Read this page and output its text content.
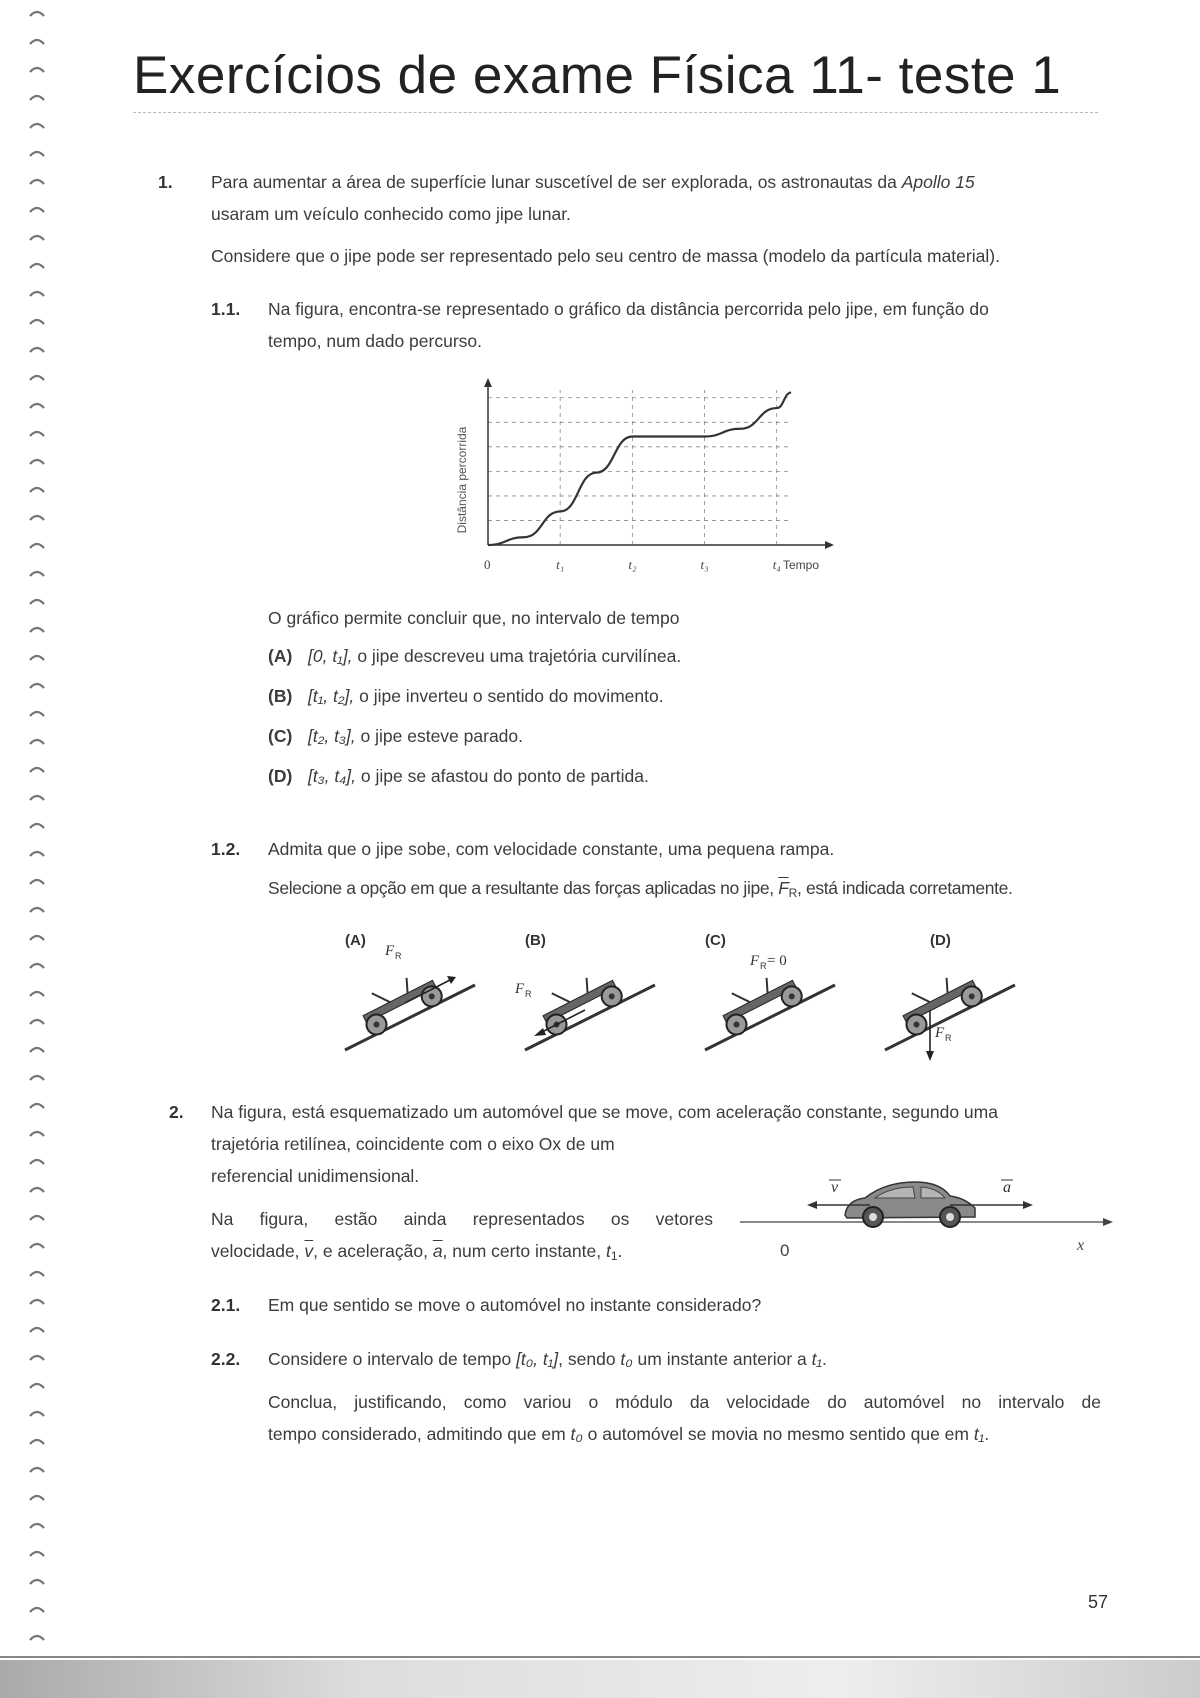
Exercícios de exame Física 11- teste 1
1. Para aumentar a área de superfície lunar suscetível de ser explorada, os astronautas da Apollo 15
usaram um veículo conhecido como jipe lunar.
Considere que o jipe pode ser representado pelo seu centro de massa (modelo da partícula material).
1.1. Na figura, encontra-se representado o gráfico da distância percorrida pelo jipe, em função do
tempo, num dado percurso.
Distância percorrida
0	t₁	t₂	t₃	t₄ Tempo
O gráfico permite concluir que, no intervalo de tempo
(A) [0, t₁], o jipe descreveu uma trajetória curvilínea.
(B) [t₁, t₂], o jipe inverteu o sentido do movimento.
(C) [t₂, t₃], o jipe esteve parado.
(D) [t₃, t₄], o jipe se afastou do ponto de partida.
1.2. Admita que o jipe sobe, com velocidade constante, uma pequena rampa.
Selecione a opção em que a resultante das forças aplicadas no jipe, $\overline{F}_R$, está indicada corretamente.
(A)
F R
(B)
F R
(C)
F R = 0
(D)
F R
2. Na figura, está esquematizado um automóvel que se move, com aceleração constante, segundo uma
trajetória retilínea, coincidente com o eixo Ox de um
referencial unidimensional.
Na figura, estão ainda representados os vetores
velocidade, $\overline{v}$, e aceleração, $\overline{a}$, num certo instante, $t_1$.
v	a
0	x
2.1. Em que sentido se move o automóvel no instante considerado?
2.2. Considere o intervalo de tempo [t₀, t₁], sendo t₀ um instante anterior a t₁.
Conclua, justificando, como variou o módulo da velocidade do automóvel no intervalo de
tempo considerado, admitindo que em t₀ o automóvel se movia no mesmo sentido que em t₁.
57
